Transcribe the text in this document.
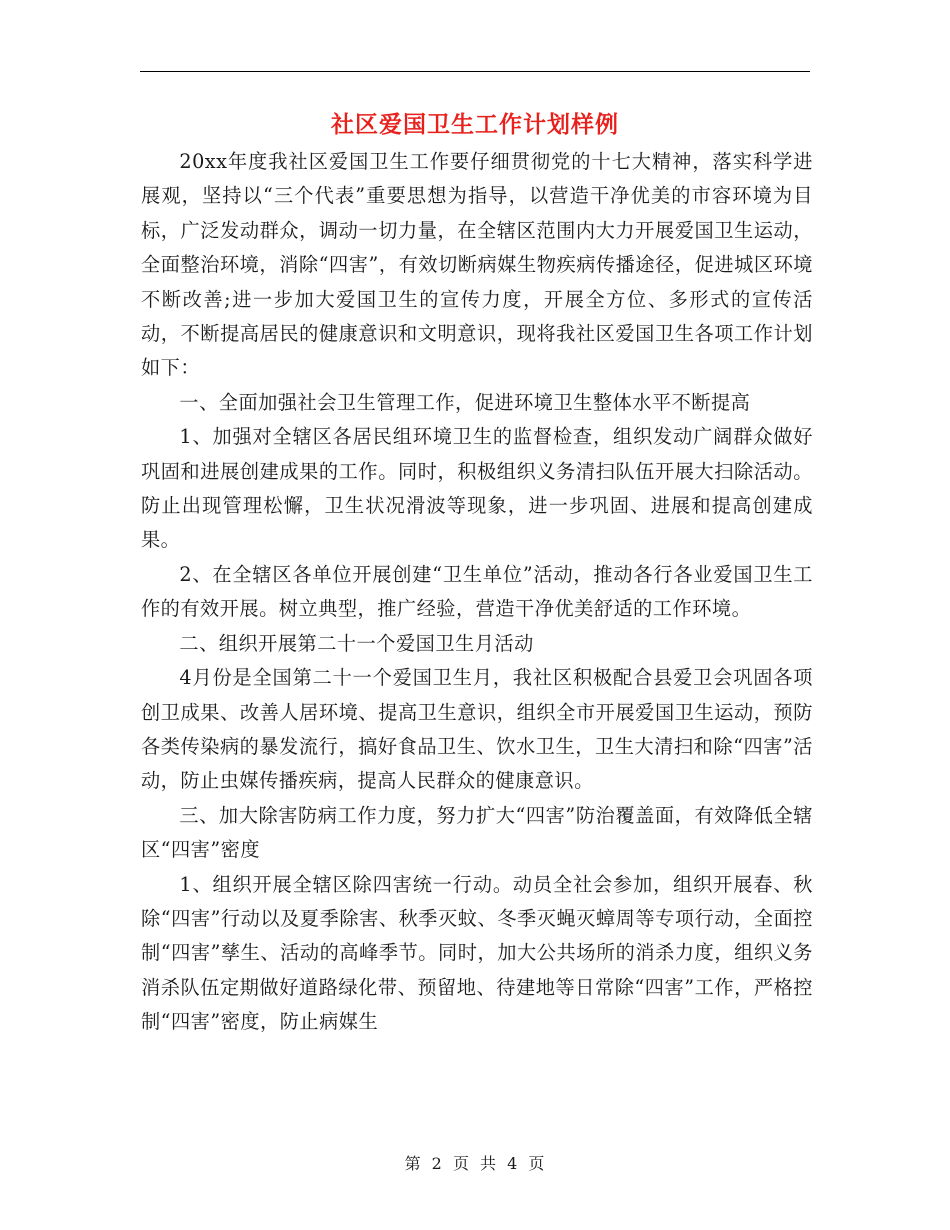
社区爱国卫生工作计划样例

20xx年度我社区爱国卫生工作要仔细贯彻党的十七大精神，落实科学进展观，坚持以“三个代表”重要思想为指导，以营造干净优美的市容环境为目标，广泛发动群众，调动一切力量，在全辖区范围内大力开展爱国卫生运动，全面整治环境，消除“四害”，有效切断病媒生物疾病传播途径，促进城区环境不断改善;进一步加大爱国卫生的宣传力度，开展全方位、多形式的宣传活动，不断提高居民的健康意识和文明意识，现将我社区爱国卫生各项工作计划如下：

一、全面加强社会卫生管理工作，促进环境卫生整体水平不断提高

1、加强对全辖区各居民组环境卫生的监督检查，组织发动广阔群众做好巩固和进展创建成果的工作。同时，积极组织义务清扫队伍开展大扫除活动。防止出现管理松懈，卫生状况滑波等现象，进一步巩固、进展和提高创建成果。

2、在全辖区各单位开展创建“卫生单位”活动，推动各行各业爱国卫生工作的有效开展。树立典型，推广经验，营造干净优美舒适的工作环境。

二、组织开展第二十一个爱国卫生月活动

4月份是全国第二十一个爱国卫生月，我社区积极配合县爱卫会巩固各项创卫成果、改善人居环境、提高卫生意识，组织全市开展爱国卫生运动，预防各类传染病的暴发流行，搞好食品卫生、饮水卫生，卫生大清扫和除“四害”活动，防止虫媒传播疾病，提高人民群众的健康意识。

三、加大除害防病工作力度，努力扩大“四害”防治覆盖面，有效降低全辖区“四害”密度

1、组织开展全辖区除四害统一行动。动员全社会参加，组织开展春、秋除“四害”行动以及夏季除害、秋季灭蚊、冬季灭蝇灭蟑周等专项行动，全面控制“四害”孳生、活动的高峰季节。同时，加大公共场所的消杀力度，组织义务消杀队伍定期做好道路绿化带、预留地、待建地等日常除“四害”工作，严格控制“四害”密度，防止病媒生

第 2 页 共 4 页
